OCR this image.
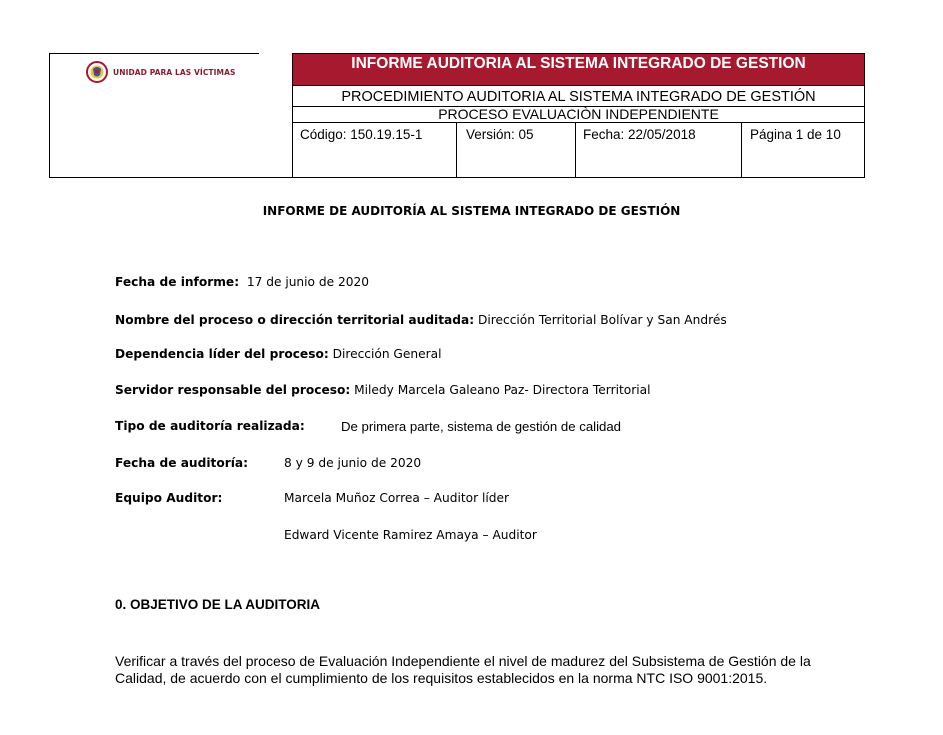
UNIDAD PARA LAS VÍCTIMAS	INFORME AUDITORIA AL SISTEMA INTEGRADO DE GESTION
PROCEDIMIENTO AUDITORIA AL SISTEMA INTEGRADO DE GESTIÓN
PROCESO EVALUACIÒN INDEPENDIENTE
Código: 150.19.15-1	Versión: 05	Fecha: 22/05/2018	Página 1 de 10
INFORME DE AUDITORÍA AL SISTEMA INTEGRADO DE GESTIÓN
Fecha de informe: 17 de junio de 2020
Nombre del proceso o dirección territorial auditada: Dirección Territorial Bolívar y San Andrés
Dependencia líder del proceso: Dirección General
Servidor responsable del proceso: Miledy Marcela Galeano Paz- Directora Territorial
Tipo de auditoría realizada:	De primera parte, sistema de gestión de calidad
Fecha de auditoría:	8 y 9 de junio de 2020
Equipo Auditor:	Marcela Muñoz Correa – Auditor líder
Edward Vicente Ramirez Amaya – Auditor
0. OBJETIVO DE LA AUDITORIA
Verificar a través del proceso de Evaluación Independiente el nivel de madurez del Subsistema de Gestión de la Calidad, de acuerdo con el cumplimiento de los requisitos establecidos en la norma NTC ISO 9001:2015.
